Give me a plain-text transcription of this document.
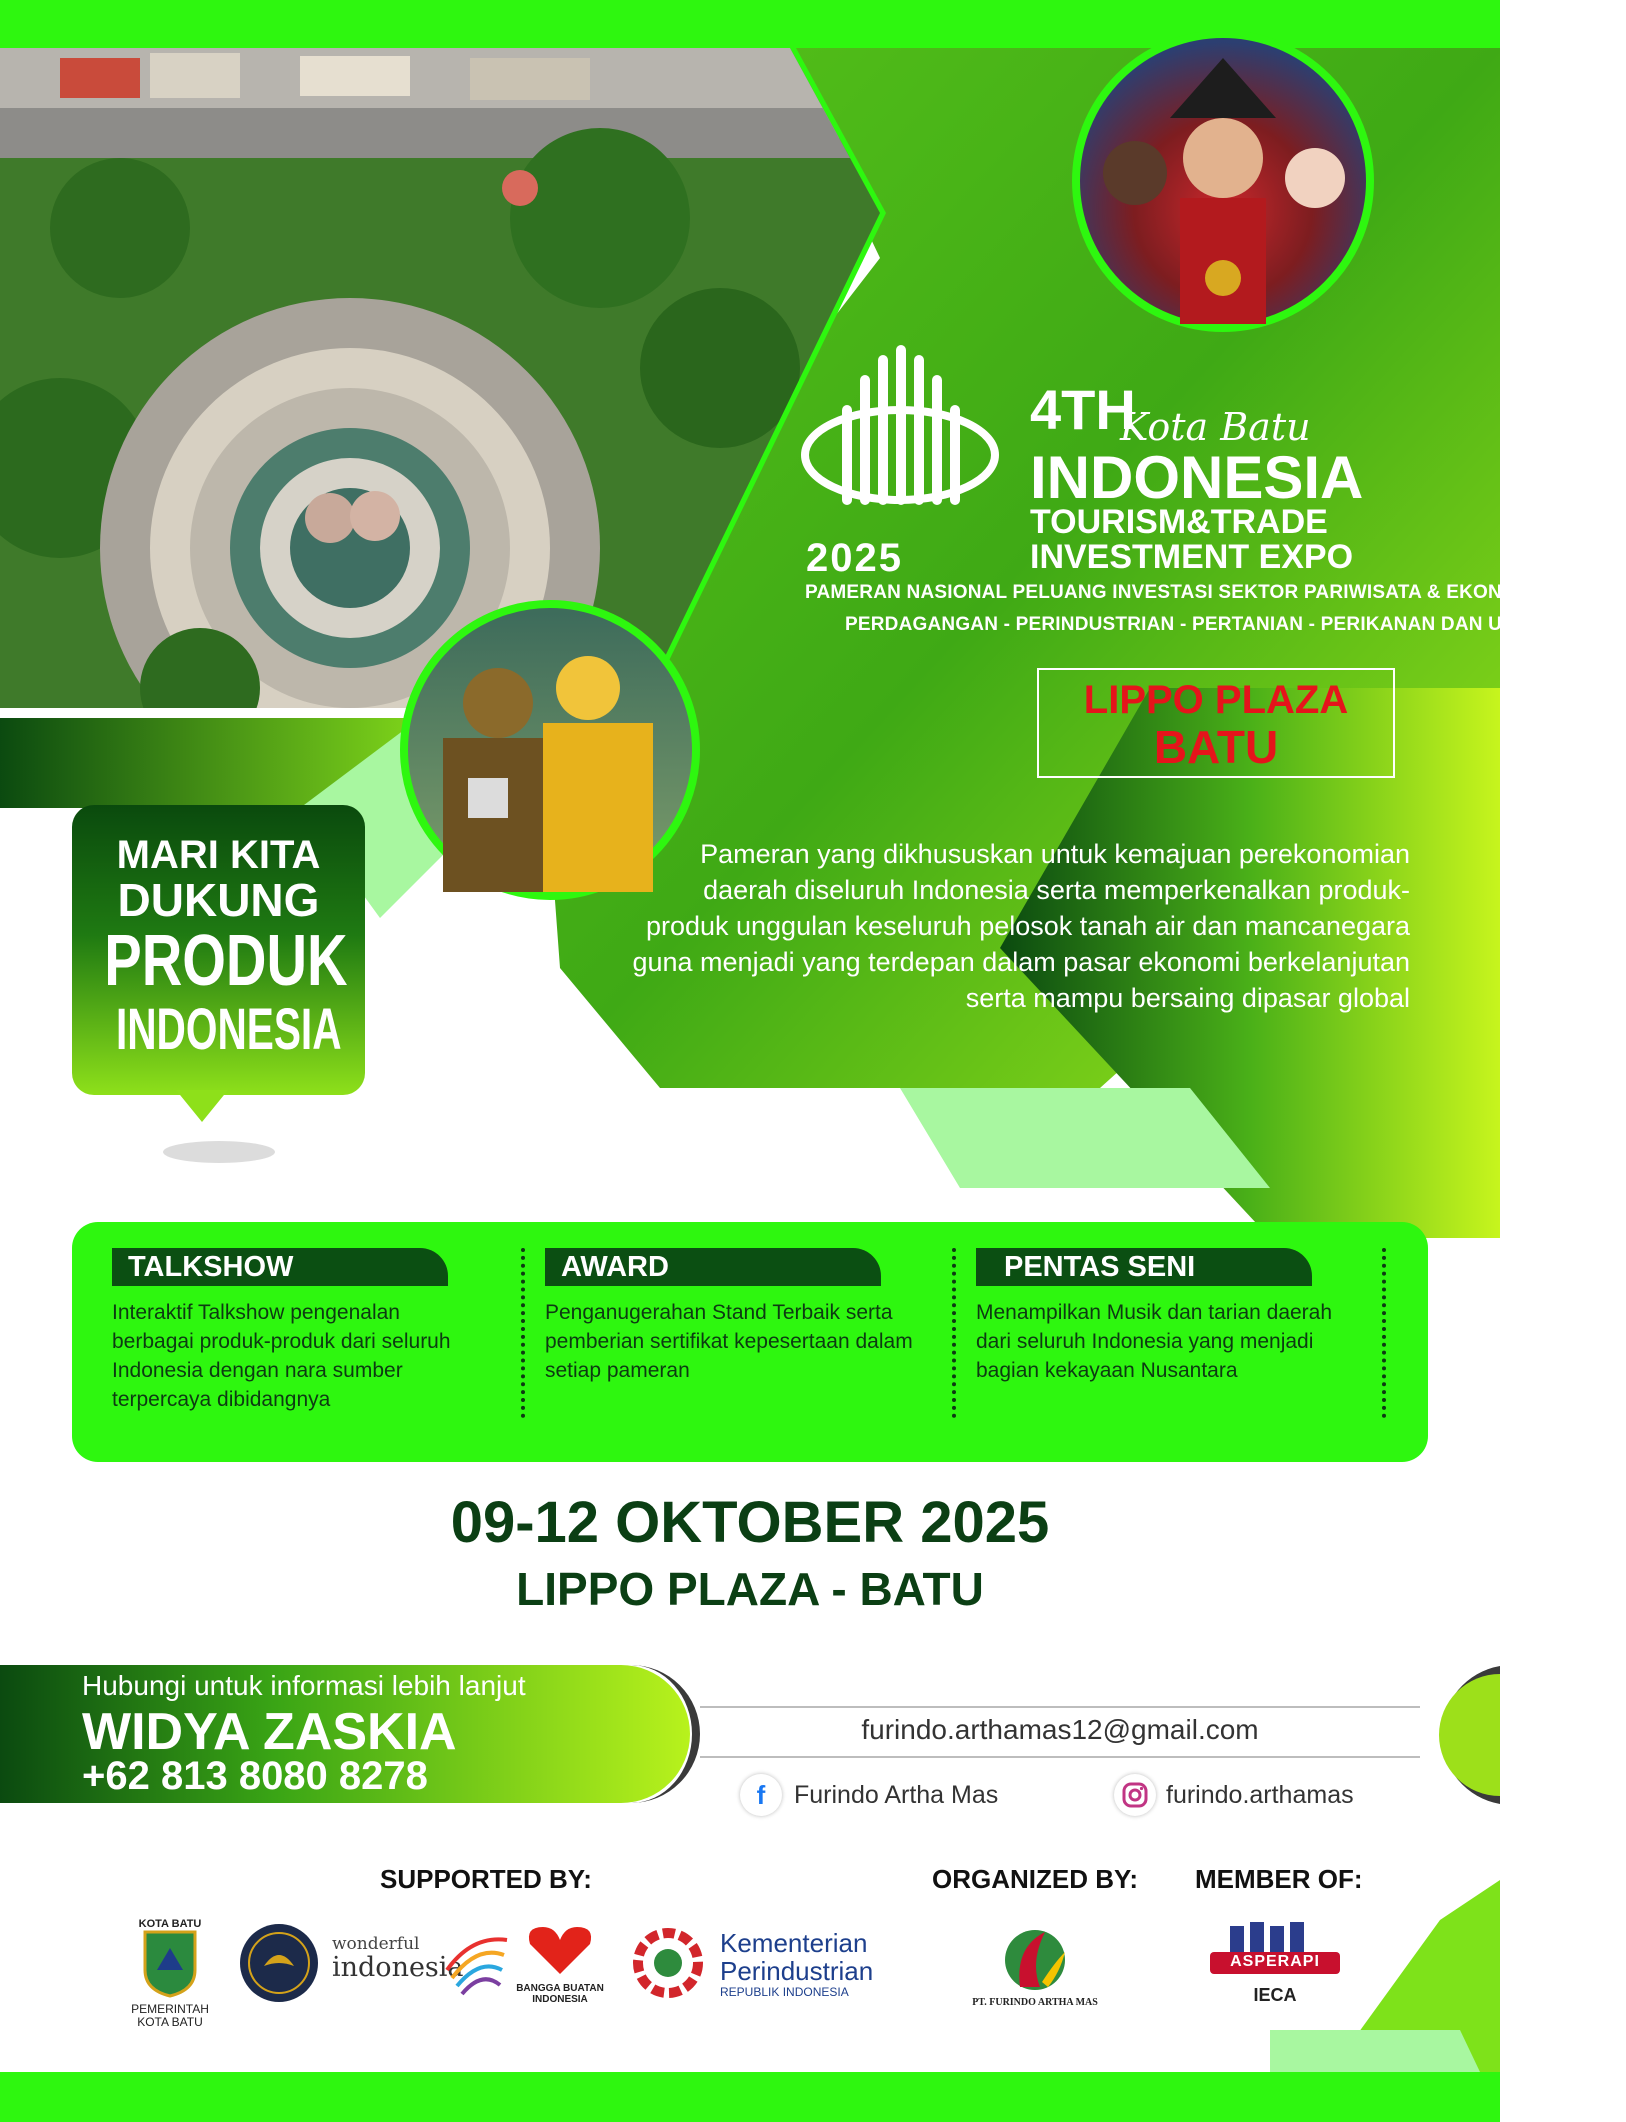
2025
4TH
Kota Batu
INDONESIA
TOURISM&TRADE
INVESTMENT EXPO
PAMERAN NASIONAL PELUANG INVESTASI SEKTOR PARIWISATA & EKONOMI KREATIF
PERDAGANGAN - PERINDUSTRIAN - PERTANIAN - PERIKANAN DAN UMKM
LIPPO PLAZA
BATU
Pameran yang dikhususkan untuk kemajuan perekonomian daerah diseluruh Indonesia serta memperkenalkan produk-produk unggulan keseluruh pelosok tanah air dan mancanegara guna menjadi yang terdepan dalam pasar ekonomi berkelanjutan serta mampu bersaing dipasar global
MARI KITA
DUKUNG
PRODUK
INDONESIA
TALKSHOW
Interaktif Talkshow pengenalan berbagai produk-produk dari seluruh Indonesia dengan nara sumber terpercaya dibidangnya
AWARD
Penganugerahan Stand Terbaik serta pemberian sertifikat kepesertaan dalam setiap pameran
PENTAS SENI
Menampilkan Musik dan tarian daerah dari seluruh Indonesia yang menjadi bagian kekayaan Nusantara
09-12 OKTOBER 2025
LIPPO PLAZA - BATU
Hubungi untuk informasi lebih lanjut
WIDYA ZASKIA
+62 813 8080 8278
furindo.arthamas12@gmail.com
f	Furindo Artha Mas	furindo.arthamas
SUPPORTED BY:	ORGANIZED BY: MEMBER OF:
KOTA BATU
PEMERINTAH
KOTA BATU
wonderful
indonesia
BANGGA BUATAN
INDONESIA
Kementerian
Perindustrian
REPUBLIK INDONESIA
PT. FURINDO ARTHA MAS
ASPERAPI
IECA
